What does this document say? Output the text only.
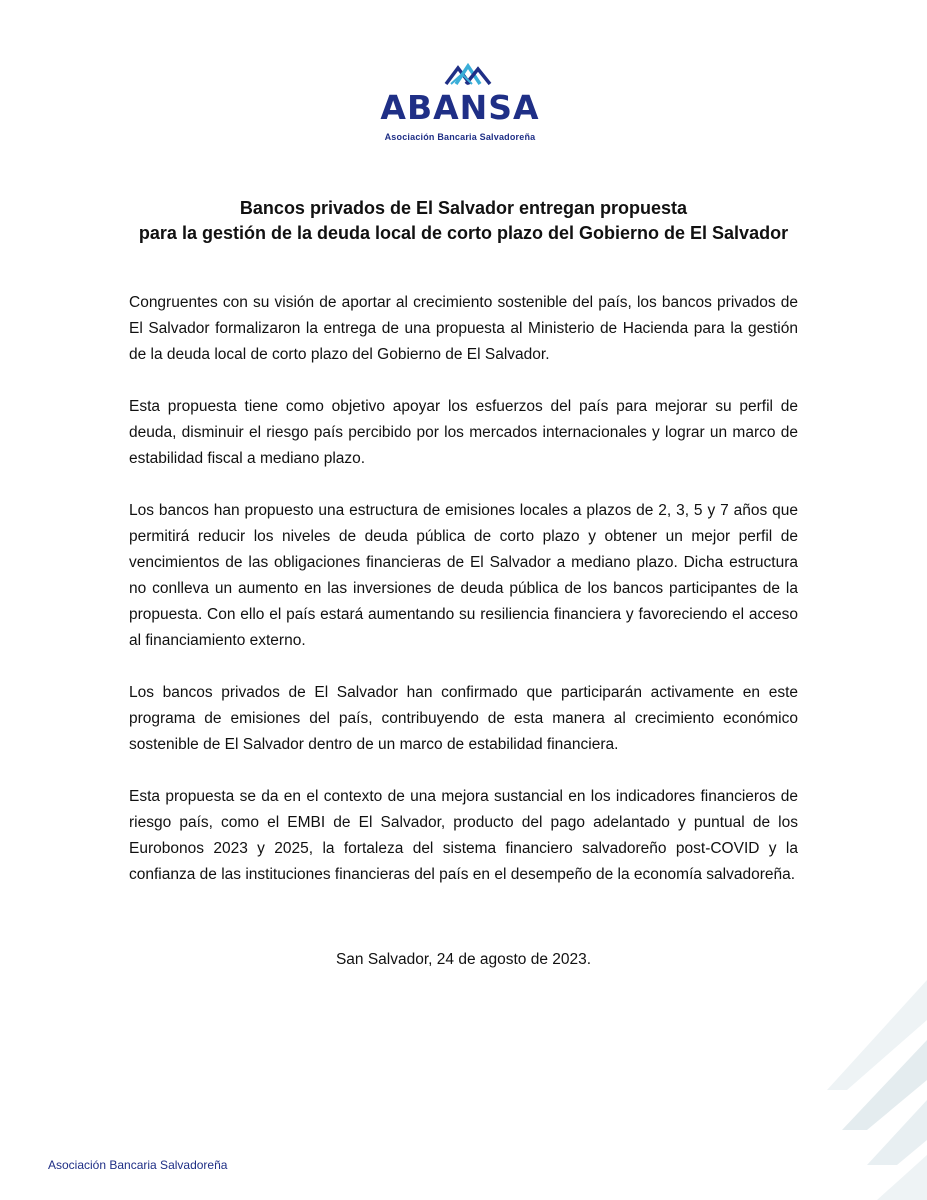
ABANSA
Asociación Bancaria Salvadoreña
Bancos privados de El Salvador entregan propuesta
para la gestión de la deuda local de corto plazo del Gobierno de El Salvador

Congruentes con su visión de aportar al crecimiento sostenible del país, los bancos privados de El Salvador formalizaron la entrega de una propuesta al Ministerio de Hacienda para la gestión de la deuda local de corto plazo del Gobierno de El Salvador.

Esta propuesta tiene como objetivo apoyar los esfuerzos del país para mejorar su perfil de deuda, disminuir el riesgo país percibido por los mercados internacionales y lograr un marco de estabilidad fiscal a mediano plazo.

Los bancos han propuesto una estructura de emisiones locales a plazos de 2, 3, 5 y 7 años que permitirá reducir los niveles de deuda pública de corto plazo y obtener un mejor perfil de vencimientos de las obligaciones financieras de El Salvador a mediano plazo. Dicha estructura no conlleva un aumento en las inversiones de deuda pública de los bancos participantes de la propuesta. Con ello el país estará aumentando su resiliencia financiera y favoreciendo el acceso al financiamiento externo.

Los bancos privados de El Salvador han confirmado que participarán activamente en este programa de emisiones del país, contribuyendo de esta manera al crecimiento económico sostenible de El Salvador dentro de un marco de estabilidad financiera.

Esta propuesta se da en el contexto de una mejora sustancial en los indicadores financieros de riesgo país, como el EMBI de El Salvador, producto del pago adelantado y puntual de los Eurobonos 2023 y 2025, la fortaleza del sistema financiero salvadoreño post-COVID y la confianza de las instituciones financieras del país en el desempeño de la economía salvadoreña.

San Salvador, 24 de agosto de 2023.
Asociación Bancaria Salvadoreña
